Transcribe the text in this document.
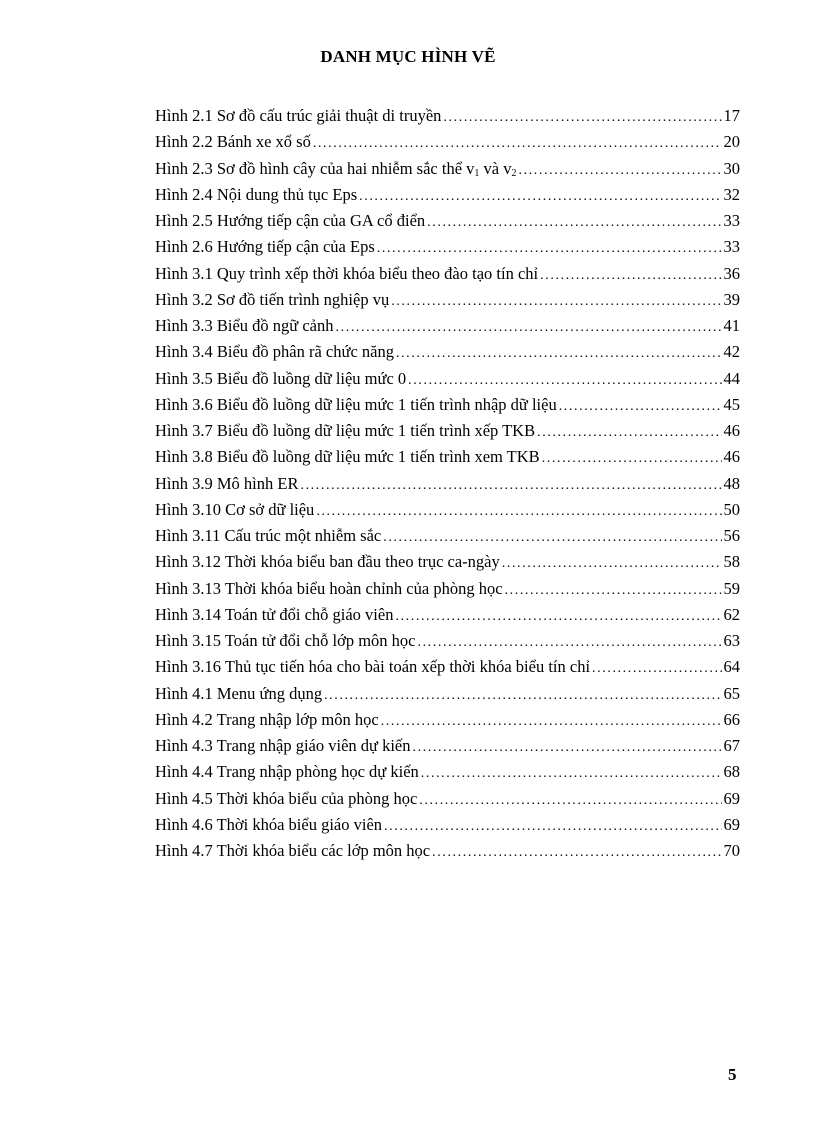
DANH MỤC HÌNH VẼ
Hình 2.1 Sơ đồ cấu trúc giải thuật di truyền .....	17
Hình 2.2 Bánh xe xổ số .....	20
Hình 2.3 Sơ đồ hình cây của hai nhiễm sắc thể $v_1$ và $v_2$ .....	30
Hình 2.4 Nội dung thủ tục Eps .....	32
Hình 2.5 Hướng tiếp cận của GA cổ điển .....	33
Hình 2.6 Hướng tiếp cận của Eps .....	33
Hình 3.1 Quy trình xếp thời khóa biểu theo đào tạo tín chỉ .....	36
Hình 3.2 Sơ đồ tiến trình nghiệp vụ .....	39
Hình 3.3 Biểu đồ ngữ cảnh .....	41
Hình 3.4 Biểu đồ phân rã chức năng .....	42
Hình 3.5 Biểu đồ luồng dữ liệu mức 0 .....	44
Hình 3.6 Biểu đồ luồng dữ liệu mức 1 tiến trình nhập dữ liệu .....	45
Hình 3.7 Biểu đồ luồng dữ liệu mức 1 tiến trình xếp TKB .....	46
Hình 3.8 Biểu đồ luồng dữ liệu mức 1 tiến trình xem TKB .....	46
Hình 3.9 Mô hình ER .....	48
Hình 3.10 Cơ sở dữ liệu .....	50
Hình 3.11 Cấu trúc một nhiễm sắc .....	56
Hình 3.12 Thời khóa biểu ban đầu theo trục ca-ngày .....	58
Hình 3.13 Thời khóa biểu hoàn chỉnh của phòng học .....	59
Hình 3.14 Toán tử đổi chỗ giáo viên .....	62
Hình 3.15 Toán tử đổi chỗ lớp môn học .....	63
Hình 3.16 Thủ tục tiến hóa cho bài toán xếp thời khóa biểu tín chỉ .....	64
Hình 4.1 Menu ứng dụng .....	65
Hình 4.2 Trang nhập lớp môn học .....	66
Hình 4.3 Trang nhập giáo viên dự kiến .....	67
Hình 4.4 Trang nhập phòng học dự kiến .....	68
Hình 4.5 Thời khóa biểu của phòng học .....	69
Hình 4.6 Thời khóa biểu giáo viên .....	69
Hình 4.7 Thời khóa biểu các lớp môn học .....	70
5
